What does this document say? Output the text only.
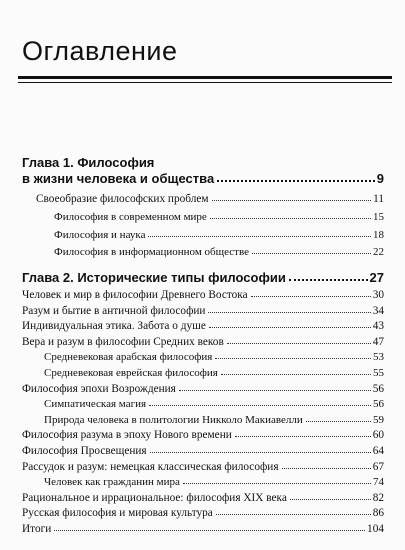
Оглавление
Глава 1. Философия
в жизни человека и общества	9
Своеобразие философских проблем	11
Философия в современном мире	15
Философия и наука	18
Философия в информационном обществе	22
Глава 2. Исторические типы философии	27
Человек и мир в философии Древнего Востока	30
Разум и бытие в античной философии	34
Индивидуальная этика. Забота о душе	43
Вера и разум в философии Средних веков	47
Средневековая арабская философия	53
Средневековая еврейская философия	55
Философия эпохи Возрождения	56
Симпатическая магия	56
Природа человека в политологии Никколо Макиавелли	59
Философия разума в эпоху Нового времени	60
Философия Просвещения	64
Рассудок и разум: немецкая классическая философия	67
Человек как гражданин мира	74
Рациональное и иррациональное: философия XIX века	82
Русская философия и мировая культура	86
Итоги	104
